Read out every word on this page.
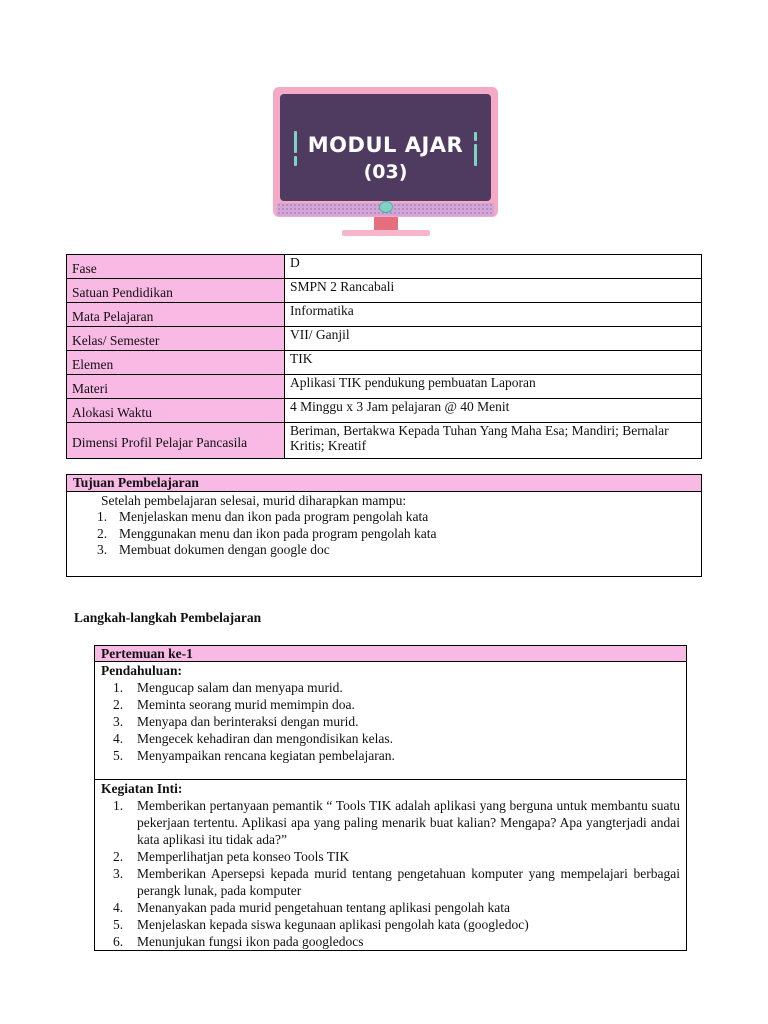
MODUL AJAR
(03)
Fase	D
Satuan Pendidikan	SMPN 2 Rancabali
Mata Pelajaran	Informatika
Kelas/ Semester	VII/ Ganjil
Elemen	TIK
Materi	Aplikasi TIK pendukung pembuatan Laporan
Alokasi Waktu	4 Minggu x 3 Jam pelajaran @ 40 Menit
Dimensi Profil Pelajar Pancasila	Beriman, Bertakwa Kepada Tuhan Yang Maha Esa; Mandiri; Bernalar Kritis; Kreatif
Tujuan Pembelajaran

Setelah pembelajaran selesai, murid diharapkan mampu:
1. Menjelaskan menu dan ikon pada program pengolah kata
2. Menggunakan menu dan ikon pada program pengolah kata
3. Membuat dokumen dengan google doc
Langkah-langkah Pembelajaran
Pertemuan ke-1

Pendahuluan:
1. Mengucap salam dan menyapa murid.
2. Meminta seorang murid memimpin doa.
3. Menyapa dan berinteraksi dengan murid.
4. Mengecek kehadiran dan mengondisikan kelas.
5. Menyampaikan rencana kegiatan pembelajaran.

Kegiatan Inti:
1. Memberikan pertanyaan pemantik “ Tools TIK adalah aplikasi yang berguna untuk membantu suatu pekerjaan tertentu. Aplikasi apa yang paling menarik buat kalian? Mengapa? Apa yangterjadi andai kata aplikasi itu tidak ada?”
2. Memperlihatjan peta konseo Tools TIK
3. Memberikan Apersepsi kepada murid tentang pengetahuan komputer yang mempelajari berbagai perangk lunak, pada komputer
4. Menanyakan pada murid pengetahuan tentang aplikasi pengolah kata
5. Menjelaskan kepada siswa kegunaan aplikasi pengolah kata (googledoc)
6. Menunjukan fungsi ikon pada googledocs
